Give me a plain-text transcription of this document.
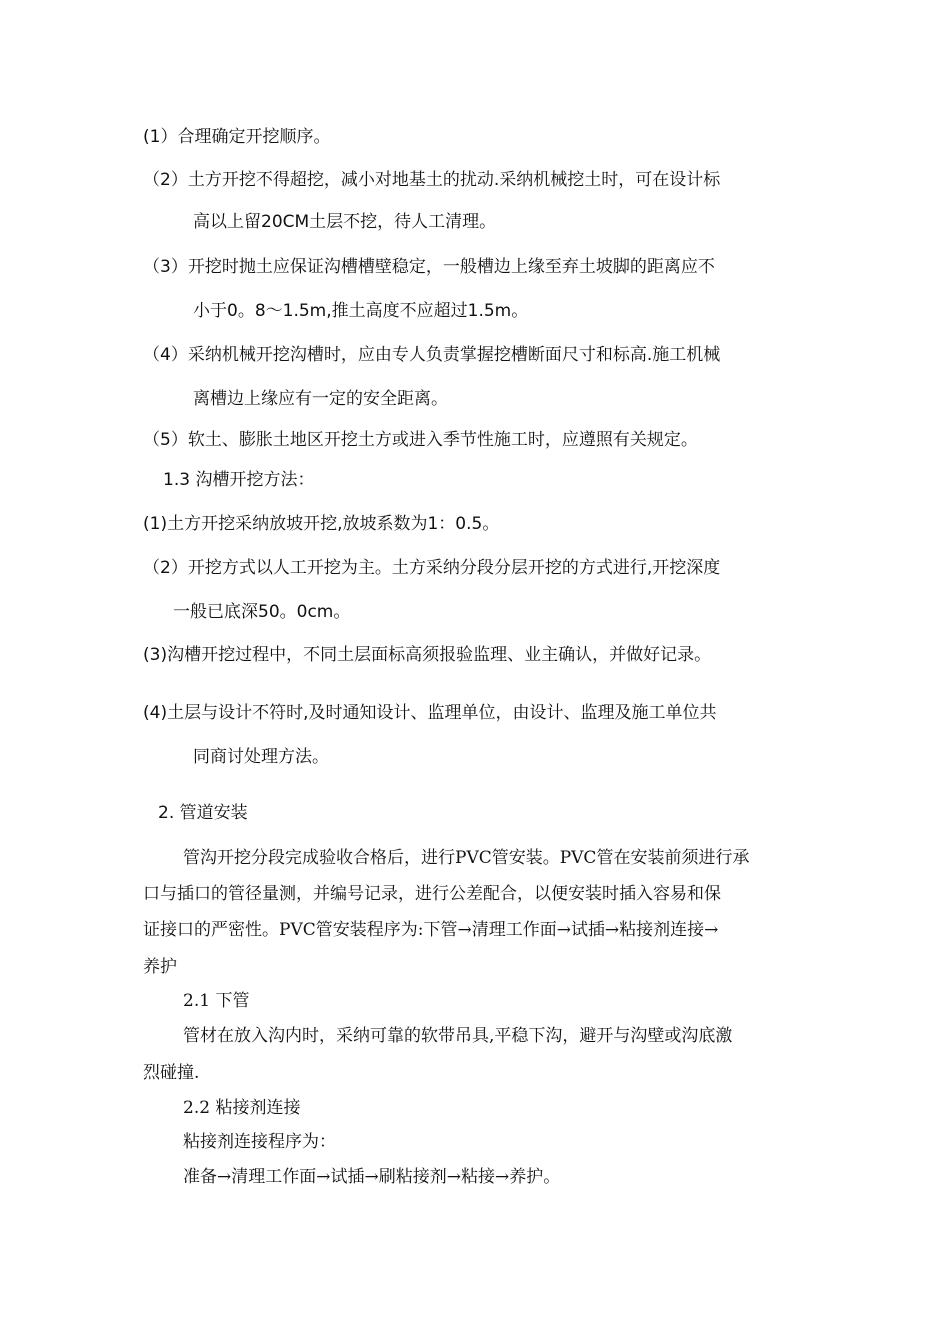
(1）合理确定开挖顺序。
（2）土方开挖不得超挖，减小对地基土的扰动.采纳机械挖土时，可在设计标
高以上留20CM土层不挖，待人工清理。
（3）开挖时抛土应保证沟槽槽壁稳定，一般槽边上缘至弃土坡脚的距离应不
小于0。8～1.5m,推土高度不应超过1.5m。
（4）采纳机械开挖沟槽时，应由专人负责掌握挖槽断面尺寸和标高.施工机械
离槽边上缘应有一定的安全距离。
（5）软土、膨胀土地区开挖土方或进入季节性施工时，应遵照有关规定。
1.3 沟槽开挖方法：
(1)土方开挖采纳放坡开挖,放坡系数为1：0.5。
（2）开挖方式以人工开挖为主。土方采纳分段分层开挖的方式进行,开挖深度
一般已底深50。0cm。
(3)沟槽开挖过程中，不同土层面标高须报验监理、业主确认，并做好记录。
(4)土层与设计不符时,及时通知设计、监理单位，由设计、监理及施工单位共
同商讨处理方法。
2. 管道安装
管沟开挖分段完成验收合格后，进行PVC管安装。PVC管在安装前须进行承
口与插口的管径量测，并编号记录，进行公差配合，以便安装时插入容易和保
证接口的严密性。PVC管安装程序为:下管→清理工作面→试插→粘接剂连接→
养护
2.1 下管
管材在放入沟内时，采纳可靠的软带吊具,平稳下沟，避开与沟壁或沟底激
烈碰撞.
2.2 粘接剂连接
粘接剂连接程序为：
准备→清理工作面→试插→刷粘接剂→粘接→养护。
